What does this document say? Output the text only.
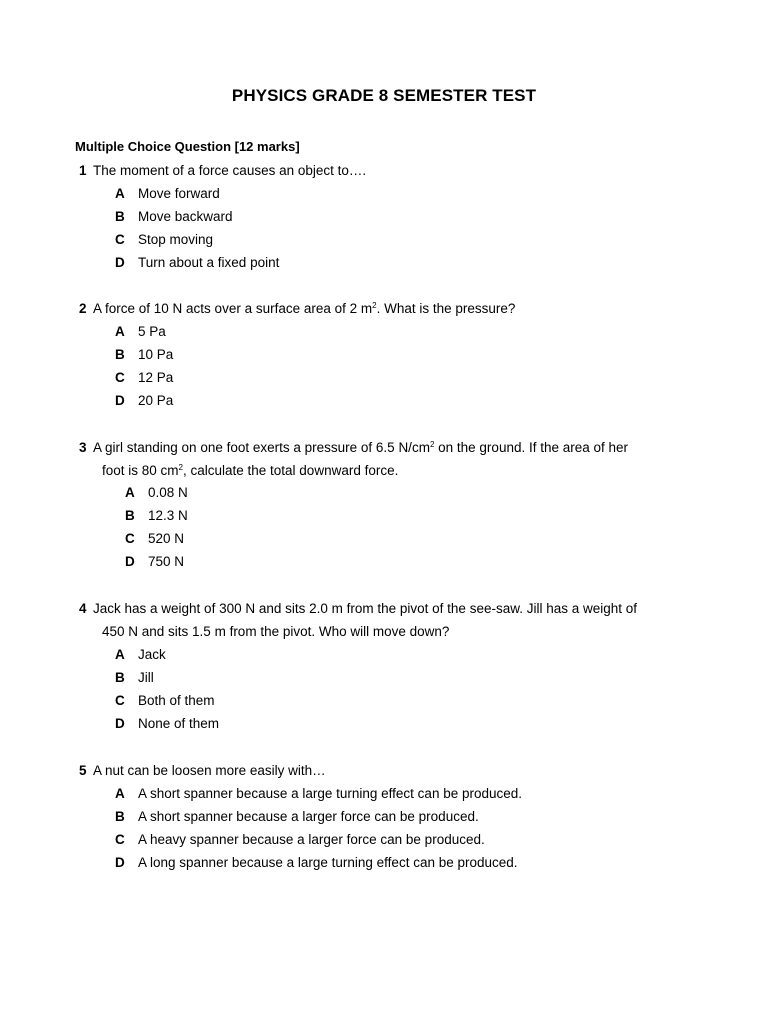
PHYSICS GRADE 8 SEMESTER TEST
Multiple Choice Question [12 marks]
1 The moment of a force causes an object to….
A Move forward
B Move backward
C Stop moving
D Turn about a fixed point
2 A force of 10 N acts over a surface area of 2 $m^2$. What is the pressure?
A 5 Pa
B 10 Pa
C 12 Pa
D 20 Pa
3 A girl standing on one foot exerts a pressure of 6.5 $N/cm^2$ on the ground. If the area of her
foot is 80 $cm^2$, calculate the total downward force.
A 0.08 N
B 12.3 N
C 520 N
D 750 N
4 Jack has a weight of 300 N and sits 2.0 m from the pivot of the see-saw. Jill has a weight of
450 N and sits 1.5 m from the pivot. Who will move down?
A Jack
B Jill
C Both of them
D None of them
5 A nut can be loosen more easily with…
A A short spanner because a large turning effect can be produced.
B A short spanner because a larger force can be produced.
C A heavy spanner because a larger force can be produced.
D A long spanner because a large turning effect can be produced.
